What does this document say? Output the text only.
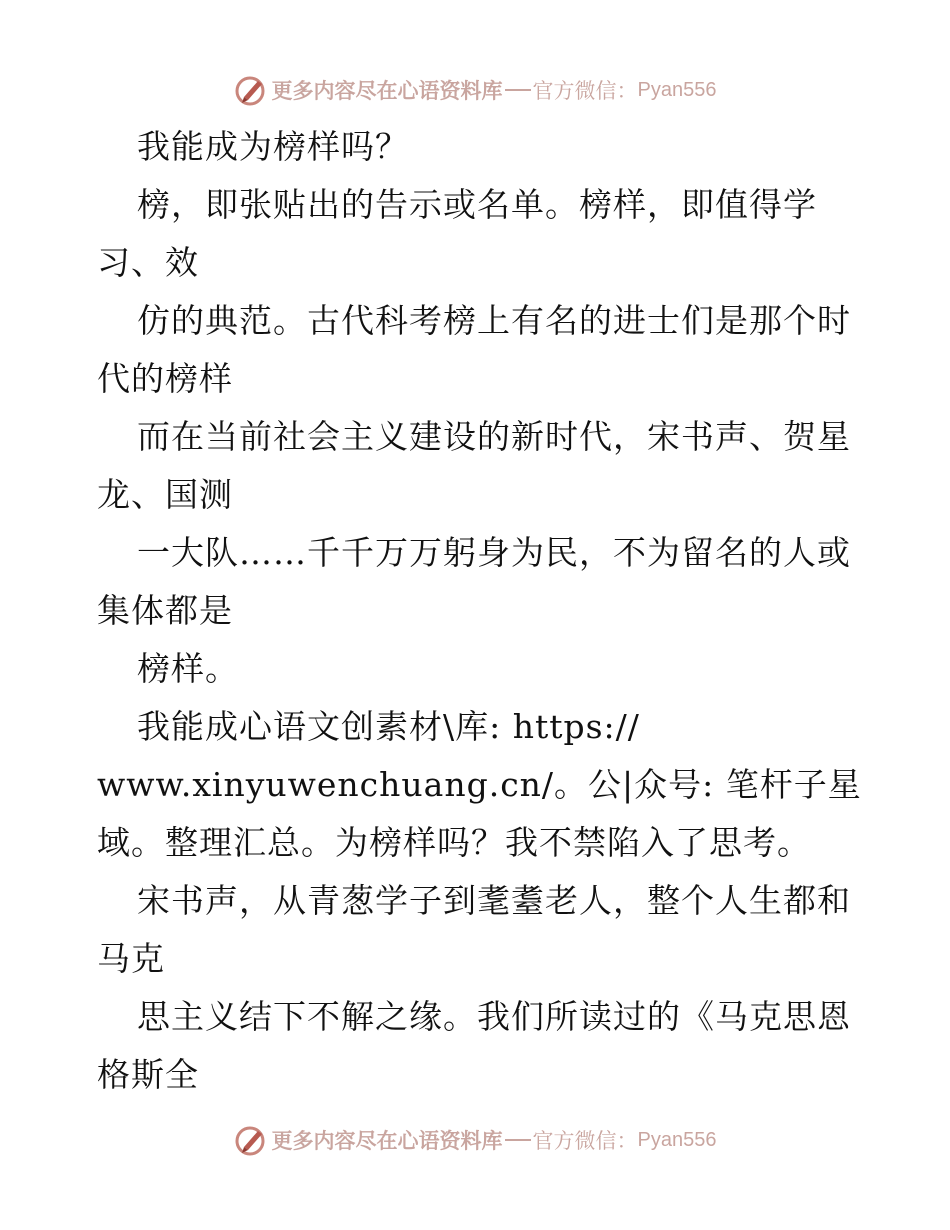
更多内容尽在心语资料库 官方微信： Pyan556
我能成为榜样吗？
榜，即张贴出的告示或名单。榜样，即值得学
习、效
仿的典范。古代科考榜上有名的进士们是那个时
代的榜样
而在当前社会主义建设的新时代，宋书声、贺星
龙、国测
一大队……千千万万躬身为民，不为留名的人或
集体都是
榜样。
我能成心语文创素材\库: https://
www.xinyuwenchuang.cn/。公|众号: 笔杆子星
域。整理汇总。为榜样吗？我不禁陷入了思考。
宋书声，从青葱学子到耄耋老人，整个人生都和
马克
思主义结下不解之缘。我们所读过的《马克思恩
格斯全
更多内容尽在心语资料库 官方微信： Pyan556
